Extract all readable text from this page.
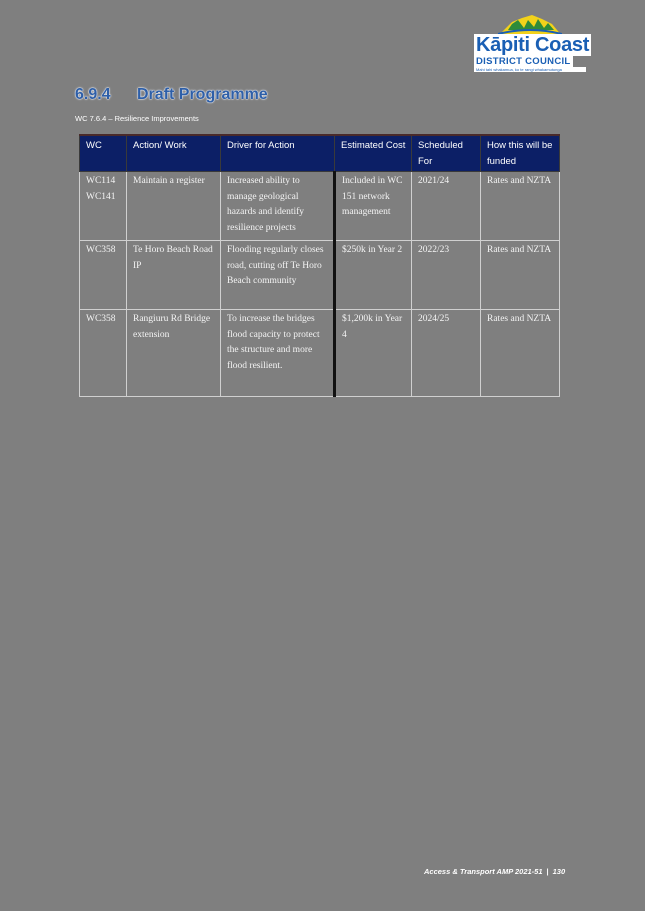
Kāpiti Coast
DISTRICT COUNCIL
Mahi tahi whakamua, ko te rangi whakamutunga
6.9.4 Draft Programme
WC 7.6.4 – Resilience Improvements
WC	Action/ Work	Driver for Action	Estimated Cost	Scheduled For	How this will be funded
WC114 WC141	Maintain a register	Increased ability to manage geological hazards and identify resilience projects	Included in WC 151 network management	2021/24	Rates and NZTA
WC358	Te Horo Beach Road IP	Flooding regularly closes road, cutting off Te Horo Beach community	$250k in Year 2	2022/23	Rates and NZTA
WC358	Rangiuru Rd Bridge extension	To increase the bridges flood capacity to protect the structure and more flood resilient.	$1,200k in Year 4	2024/25	Rates and NZTA
Access & Transport AMP 2021-51 | 130
